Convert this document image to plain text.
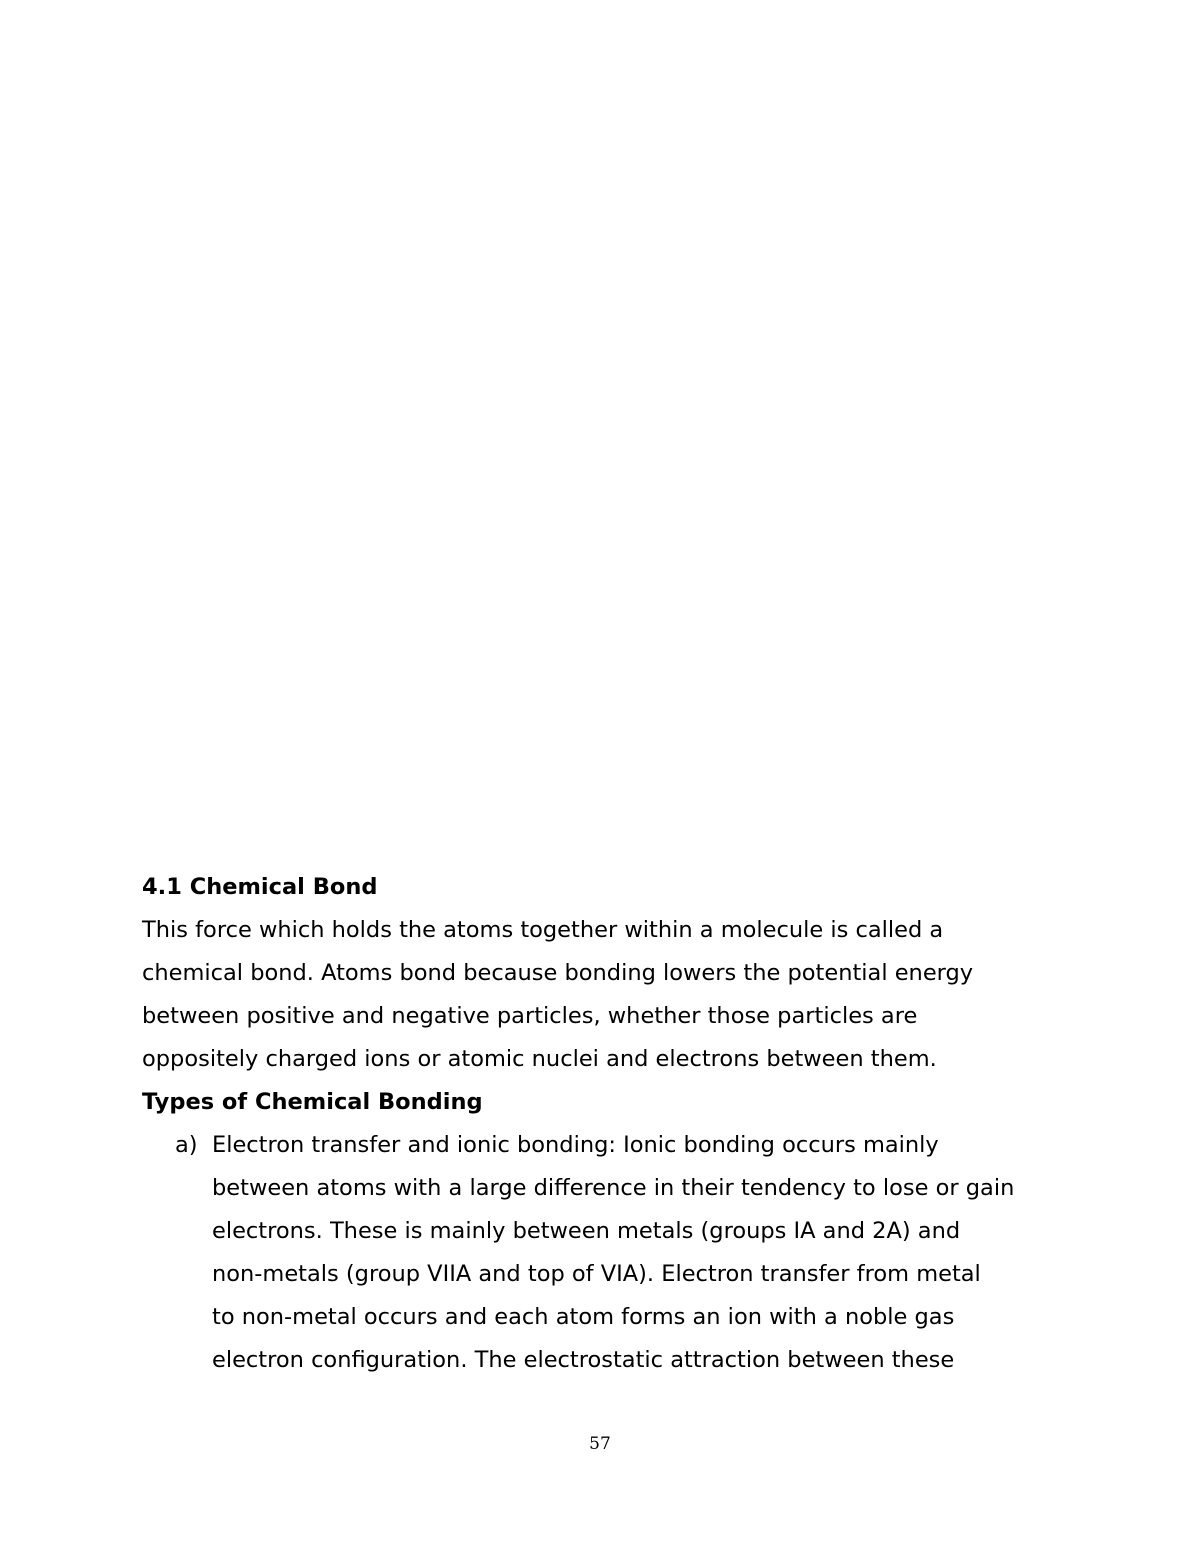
4.1 Chemical Bond

This force which holds the atoms together within a molecule is called a

chemical bond. Atoms bond because bonding lowers the potential energy

between positive and negative particles, whether those particles are

oppositely charged ions or atomic nuclei and electrons between them.

Types of Chemical Bonding
a) Electron transfer and ionic bonding: Ionic bonding occurs mainly

between atoms with a large difference in their tendency to lose or gain

electrons. These is mainly between metals (groups IA and 2A) and

non-metals (group VIIA and top of VIA). Electron transfer from metal

to non-metal occurs and each atom forms an ion with a noble gas

electron configuration. The electrostatic attraction between these

57
